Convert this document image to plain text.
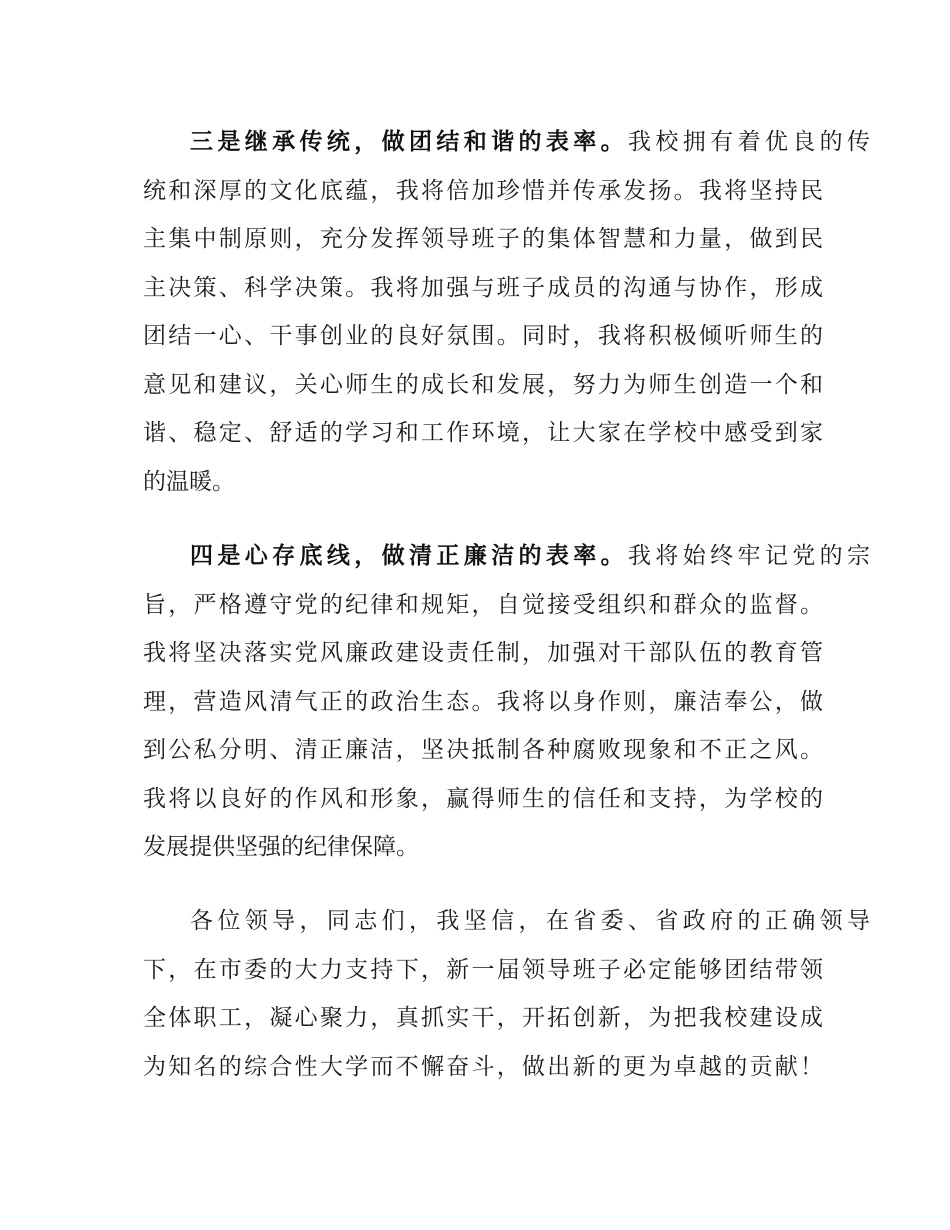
三是继承传统，做团结和谐的表率。我校拥有着优良的传
统和深厚的文化底蕴，我将倍加珍惜并传承发扬。我将坚持民
主集中制原则，充分发挥领导班子的集体智慧和力量，做到民
主决策、科学决策。我将加强与班子成员的沟通与协作，形成
团结一心、干事创业的良好氛围。同时，我将积极倾听师生的
意见和建议，关心师生的成长和发展，努力为师生创造一个和
谐、稳定、舒适的学习和工作环境，让大家在学校中感受到家
的温暖。
四是心存底线，做清正廉洁的表率。我将始终牢记党的宗
旨，严格遵守党的纪律和规矩，自觉接受组织和群众的监督。
我将坚决落实党风廉政建设责任制，加强对干部队伍的教育管
理，营造风清气正的政治生态。我将以身作则，廉洁奉公，做
到公私分明、清正廉洁，坚决抵制各种腐败现象和不正之风。
我将以良好的作风和形象，赢得师生的信任和支持，为学校的
发展提供坚强的纪律保障。
各位领导，同志们，我坚信，在省委、省政府的正确领导
下，在市委的大力支持下，新一届领导班子必定能够团结带领
全体职工，凝心聚力，真抓实干，开拓创新，为把我校建设成
为知名的综合性大学而不懈奋斗，做出新的更为卓越的贡献！
